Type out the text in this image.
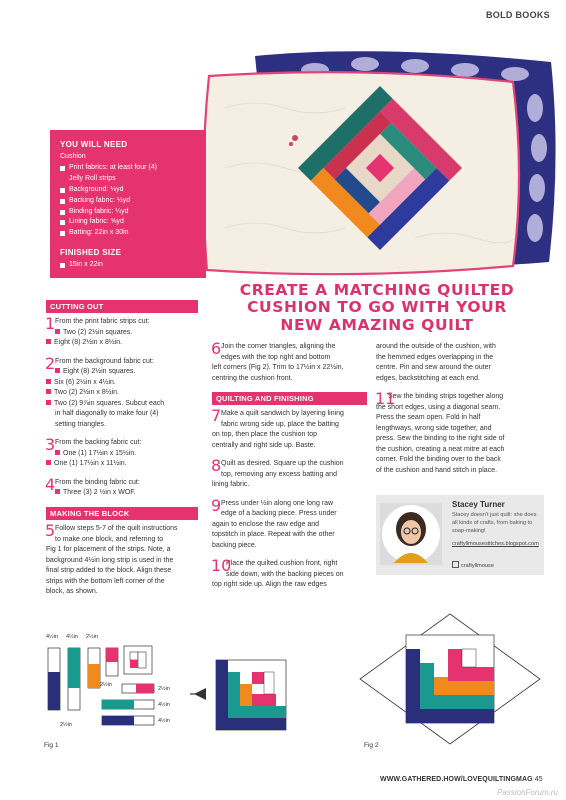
BOLD BOOKS
YOU WILL NEED
Cushion
Print fabrics: at least four (4)
Jelly Roll strips
Background: ⅛yd
Backing fabric: ½yd
Binding fabric: ¼yd
Lining fabric: ⅝yd
Batting: 22in x 30in
FINISHED SIZE
15in x 22in
CREATE A MATCHING QUILTED
CUSHION TO GO WITH YOUR
NEW AMAZING QUILT
CUTTING OUT
1 From the print fabric strips cut:
Two (2) 2½in squares.
Eight (8) 2½in x 8½in.
2 From the background fabric cut:
Eight (8) 2½in squares.
Six (6) 2½in x 4½in.
Two (2) 2½in x 8½in.
Two (2) 9⅞in squares. Subcut each
in half diagonally to make four (4)
setting triangles.
3 From the backing fabric cut:
One (1) 17½in x 15½in.
One (1) 17½in x 11½in.
4 From the binding fabric cut:
Three (3) 2 ½in x WOF.
MAKING THE BLOCK
5 Follow steps 5-7 of the quilt instructions
to make one block, and referring to
Fig 1 for placement of the strips. Note, a
background 4½in long strip is used in the
final strip added to the block. Align these
strips with the bottom left corner of the
block, as shown.
6 Join the corner triangles, aligning the
edges with the top right and bottom
left corners (Fig 2). Trim to 17½in x 22½in,
centring the cushion front.
QUILTING AND FINISHING
7 Make a quilt sandwich by layering lining
fabric wrong side up, place the batting
on top, then place the cushion top
centrally and right side up. Baste.
8 Quilt as desired. Square up the cushion
top, removing any excess batting and
lining fabric.
9 Press under ½in along one long raw
edge of a backing piece. Press under
again to enclose the raw edge and
topstitch in place. Repeat with the other
backing piece.
10
Place the quilted cushion front, right
side down, with the backing pieces on
top right side up. Align the raw edges
around the outside of the cushion, with
the hemmed edges overlapping in the
centre. Pin and sew around the outer
edges, backstitching at each end.
11
Sew the binding strips together along
the short edges, using a diagonal seam.
Press the seam open. Fold in half
lengthways, wrong side together, and
press. Sew the binding to the right side of
the cushion, creating a neat mitre at each
corner. Fold the binding over to the back
of the cushion and hand stitch in place.
Stacey Turner
Stacey doesn't just quilt: she does all kinds of crafts, from baking to soap-making!
craftyllmousestitches.blogspot.com
craftyllmouse
4½in 4½in 2½in
2½in
2½in
2½in
4½in
4½in
Fig 1	Fig 2
WWW.GATHERED.HOW/LOVEQUILTINGMAG 45
PassionForum.ru
